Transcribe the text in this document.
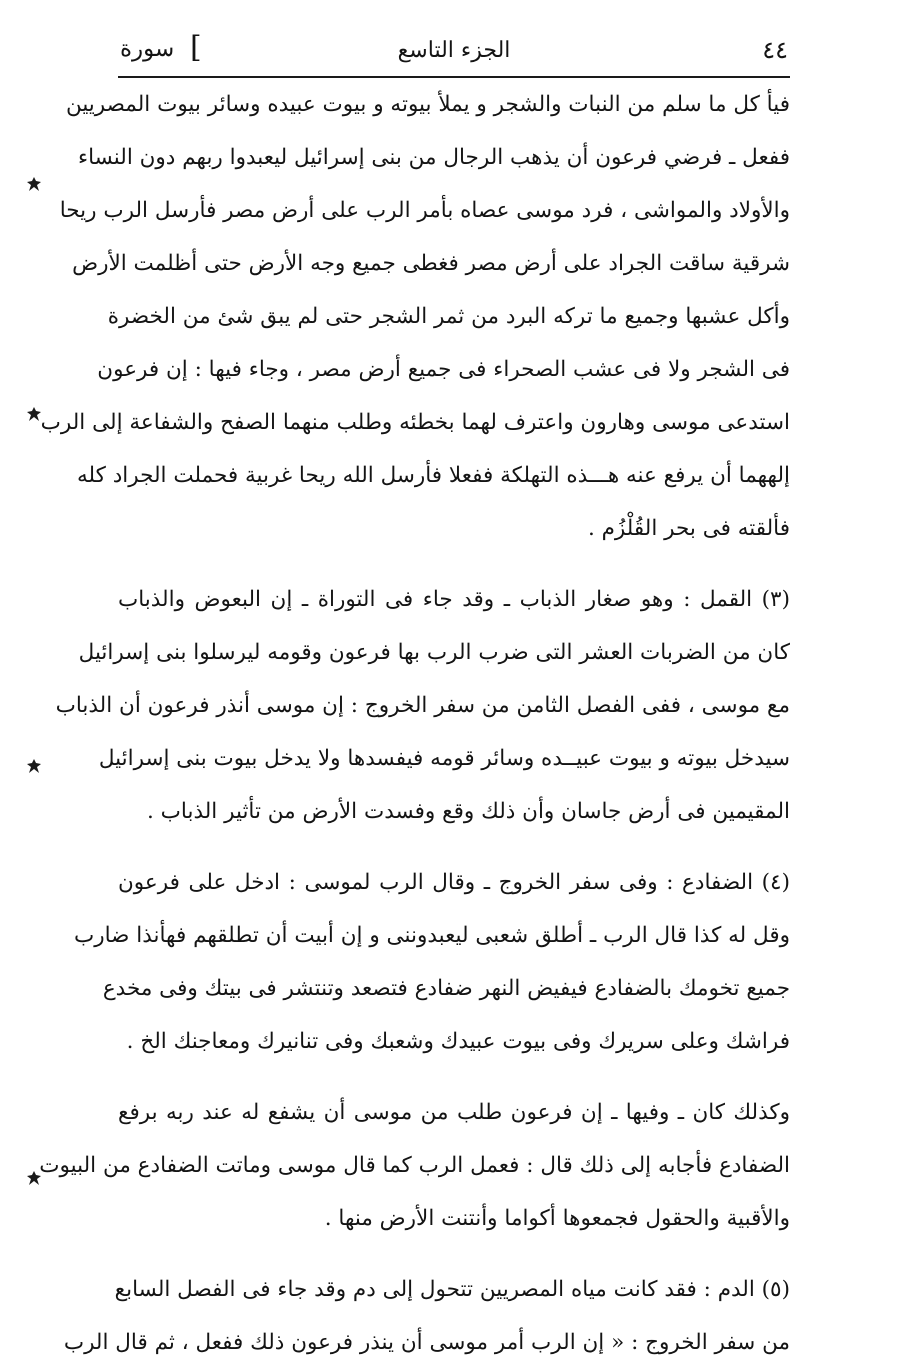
٤٤
الجزء التاسع
[
سورة
فيأ كل ما سلم من النبات والشجر و يملأ بيوته و بيوت عبيده وسائر بيوت المصريين
ففعل ـ فرضي فرعون أن يذهب الرجال من بنى إسرائيل ليعبدوا ربهم دون النساء
والأولاد والمواشى ، فرد موسى عصاه بأمر الرب على أرض مصر فأرسل الرب ريحا
شرقية ساقت الجراد على أرض مصر فغطى جميع وجه الأرض حتى أظلمت الأرض
وأكل عشبها وجميع ما تركه البرد من ثمر الشجر حتى لم يبق شئ من الخضرة
فى الشجر ولا فى عشب الصحراء فى جميع أرض مصر ، وجاء فيها : إن فرعون
استدعى موسى وهارون واعترف لهما بخطئه وطلب منهما الصفح والشفاعة إلى الرب
إلههما أن يرفع عنه هـــذه التهلكة ففعلا فأرسل الله ريحا غربية فحملت الجراد كله
فألقته فى بحر القُلْزُم .
(٣) القمل : وهو صغار الذباب ـ وقد جاء فى التوراة ـ إن البعوض والذباب
كان من الضربات العشر التى ضرب الرب بها فرعون وقومه ليرسلوا بنى إسرائيل
مع موسى ، ففى الفصل الثامن من سفر الخروج : إن موسى أنذر فرعون أن الذباب
سيدخل بيوته و بيوت عبيــده وسائر قومه فيفسدها ولا يدخل بيوت بنى إسرائيل
المقيمين فى أرض جاسان وأن ذلك وقع وفسدت الأرض من تأثير الذباب .
(٤) الضفادع : وفى سفر الخروج ـ وقال الرب لموسى : ادخل على فرعون
وقل له كذا قال الرب ـ أطلق شعبى ليعبدوننى و إن أبيت أن تطلقهم فهأنذا ضارب
جميع تخومك بالضفادع فيفيض النهر ضفادع فتصعد وتنتشر فى بيتك وفى مخدع
فراشك وعلى سريرك وفى بيوت عبيدك وشعبك وفى تنانيرك ومعاجنك الخ .
وكذلك كان ـ وفيها ـ إن فرعون طلب من موسى أن يشفع له عند ربه برفع
الضفادع فأجابه إلى ذلك قال : فعمل الرب كما قال موسى وماتت الضفادع من البيوت
والأقبية والحقول فجمعوها أكواما وأنتنت الأرض منها .
(٥) الدم : فقد كانت مياه المصريين تتحول إلى دم وقد جاء فى الفصل السابع
من سفر الخروج : « إن الرب أمر موسى أن ينذر فرعون ذلك ففعل ، ثم قال الرب
